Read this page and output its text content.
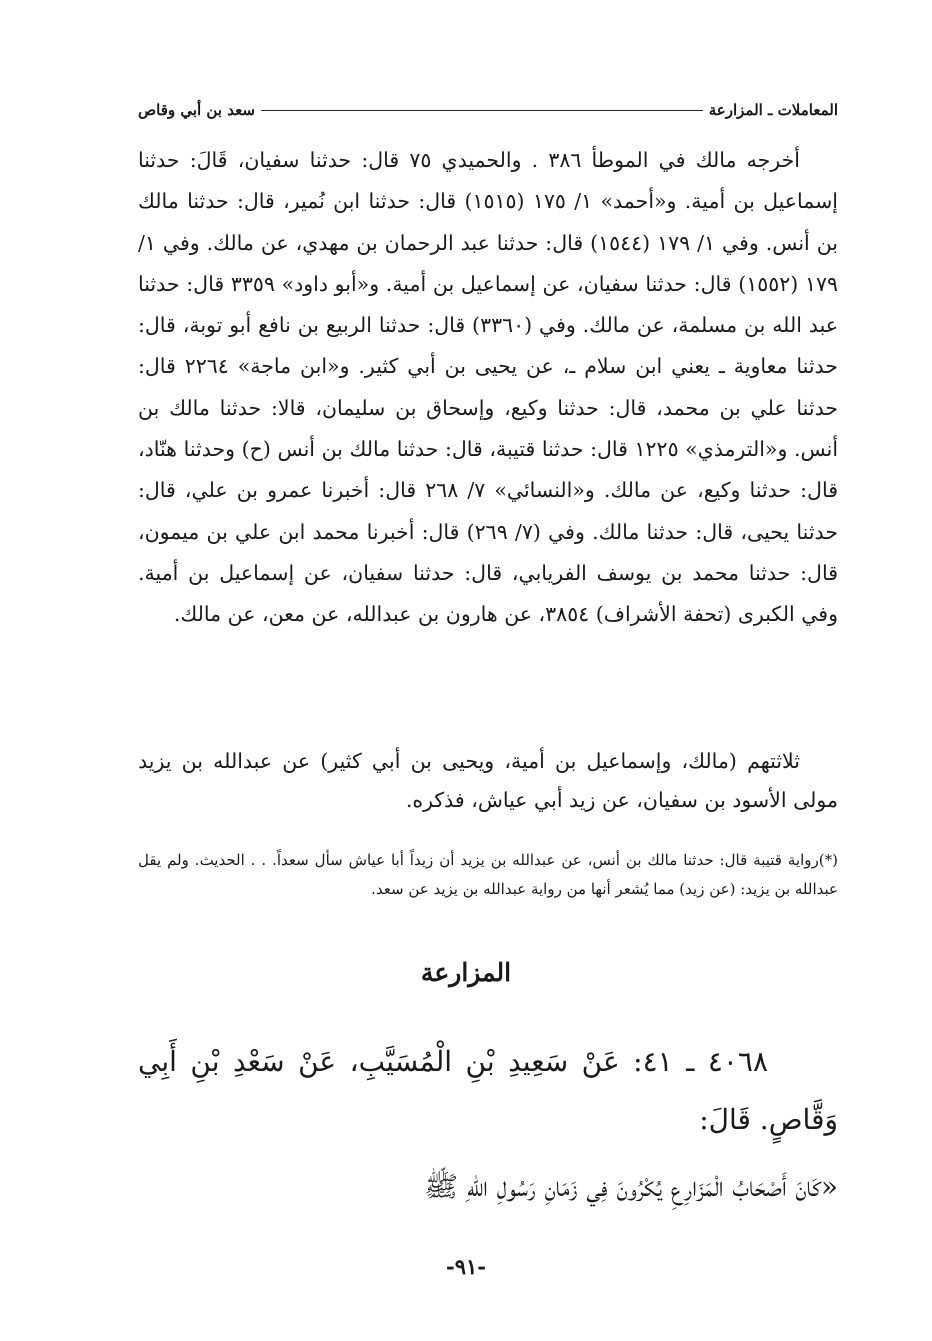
المعاملات ـ المزارعة
سعد بن أبي وقاص

أخرجه مالك في الموطأ ٣٨٦ . والحميدي ٧٥ قال: حدثنا سفيان، قَالَ: حدثنا إسماعيل بن أمية. و«أحمد» ١/ ١٧٥ (١٥١٥) قال: حدثنا ابن نُمير، قال: حدثنا مالك بن أنس. وفي ١/ ١٧٩ (١٥٤٤) قال: حدثنا عبد الرحمان بن مهدي، عن مالك. وفي ١/ ١٧٩ (١٥٥٢) قال: حدثنا سفيان، عن إسماعيل بن أمية. و«أبو داود» ٣٣٥٩ قال: حدثنا عبد الله بن مسلمة، عن مالك. وفي (٣٣٦٠) قال: حدثنا الربيع بن نافع أبو توبة، قال: حدثنا معاوية ـ يعني ابن سلام ـ، عن يحيى بن أبي كثير. و«ابن ماجة» ٢٢٦٤ قال: حدثنا علي بن محمد، قال: حدثنا وكيع، وإسحاق بن سليمان، قالا: حدثنا مالك بن أنس. و«الترمذي» ١٢٢٥ قال: حدثنا قتيبة، قال: حدثنا مالك بن أنس (ح) وحدثنا هنّاد، قال: حدثنا وكيع، عن مالك. و«النسائي» ٧/ ٢٦٨ قال: أخبرنا عمرو بن علي، قال: حدثنا يحيى، قال: حدثنا مالك. وفي (٧/ ٢٦٩) قال: أخبرنا محمد ابن علي بن ميمون، قال: حدثنا محمد بن يوسف الفريابي، قال: حدثنا سفيان، عن إسماعيل بن أمية. وفي الكبرى (تحفة الأشراف) ٣٨٥٤، عن هارون بن عبدالله، عن معن، عن مالك.

ثلاثتهم (مالك، وإسماعيل بن أمية، ويحيى بن أبي كثير) عن عبدالله بن يزيد مولى الأسود بن سفيان، عن زيد أبي عياش، فذكره.

(*)رواية قتيبة قال: حدثنا مالك بن أنس، عن عبدالله بن يزيد أن زيداً أبا عياش سأل سعداً. . . الحديث. ولم يقل عبدالله بن يزيد: (عن زيد) مما يُشعر أنها من رواية عبدالله بن يزيد عن سعد.

المزارعة

٤٠٦٨ ـ ٤١: عَنْ سَعِيدِ بْنِ الْمُسَيَّبِ، عَنْ سَعْدِ بْنِ أَبِي وَقَّاصٍ. قَالَ:

«كَانَ أَصْحَابُ الْمَزَارِعِ يُكْرُونَ فِي زَمَانِ رَسُولِ اللّهِ ﷺ
-٩١-
